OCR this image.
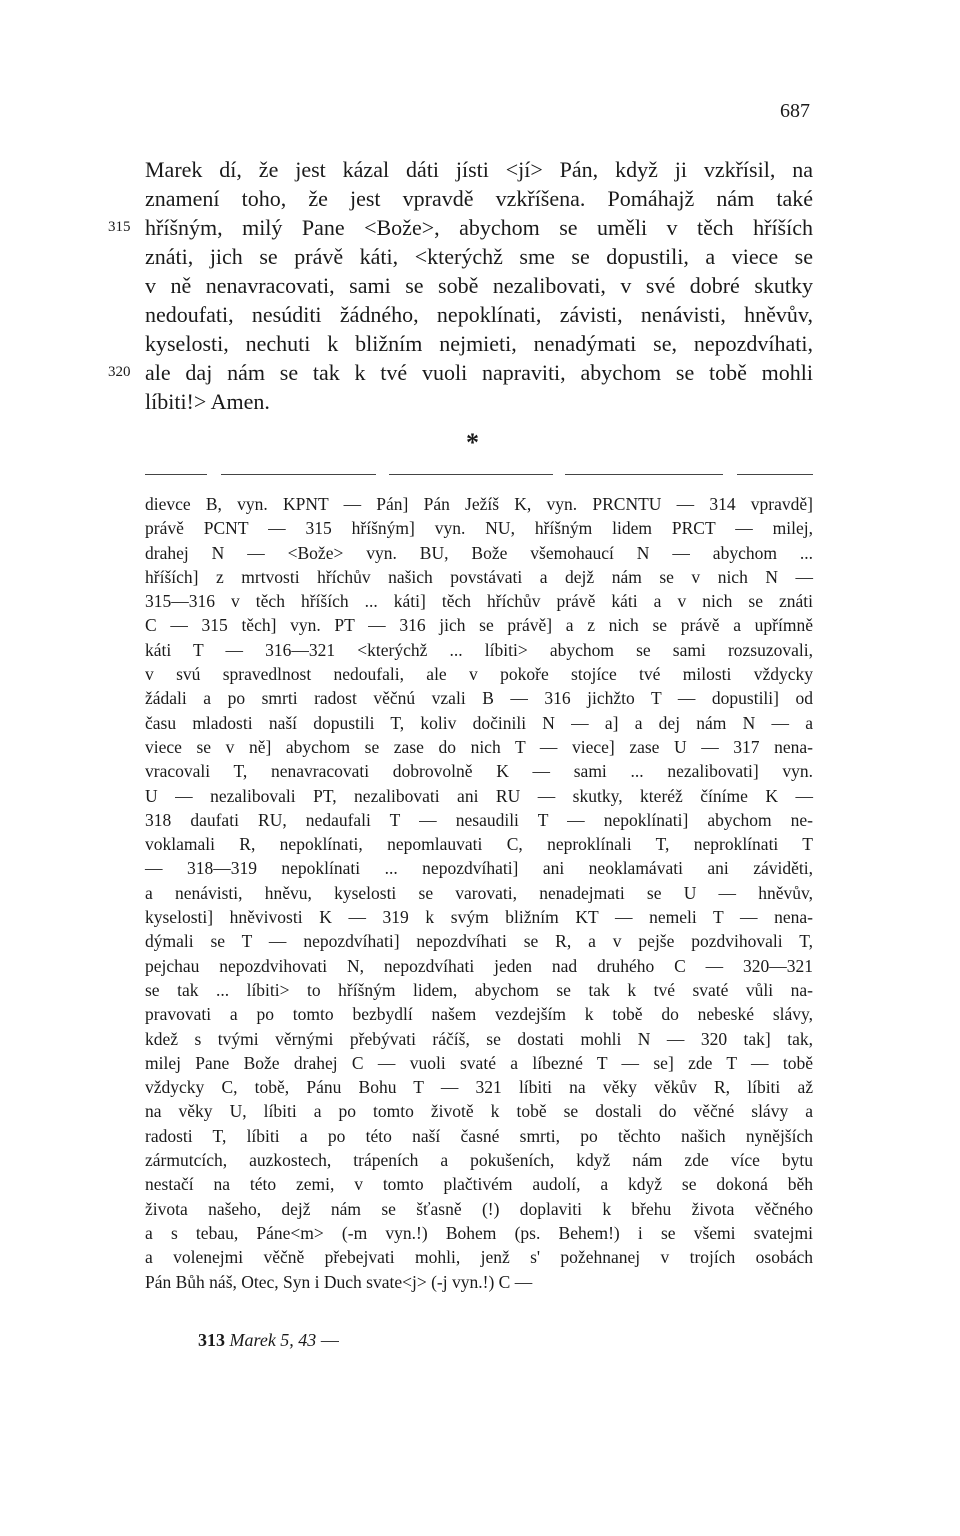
687
Marek dí, že jest kázal dáti jísti <jí> Pán, když ji vzkřísil, na
znamení toho, že jest vpravdě vzkříšena. Pomáhajž nám také
315 hříšným, milý Pane <Bože>, abychom se uměli v těch hříších
znáti, jich se právě káti, <kterýchž sme se dopustili, a viece se
v ně nenavracovati, sami se sobě nezalibovati, v své dobré skutky
nedoufati, nesúditi žádného, nepoklínati, závisti, nenávisti, hněvův,
kyselosti, nechuti k bližním nejmieti, nenadýmati se, nepozdvíhati,
320 ale daj nám se tak k tvé vuoli napraviti, abychom se tobě mohli
líbiti!> Amen.
*
dievce B, vyn. KPNT — Pán] Pán Ježíš K, vyn. PRCNTU — 314 vpravdě]
právě PCNT — 315 hříšným] vyn. NU, hříšným lidem PRCT — milej,
drahej N — <Bože> vyn. BU, Bože všemohaucí N — abychom ...
hříších] z mrtvosti hříchův našich povstávati a dejž nám se v nich N —
315—316 v těch hříších ... káti] těch hříchův právě káti a v nich se znáti
C — 315 těch] vyn. PT — 316 jich se právě] a z nich se právě a upřímně
káti T — 316—321 <kterýchž ... líbiti> abychom se sami rozsuzovali,
v svú spravedlnost nedoufali, ale v pokoře stojíce tvé milosti vždycky
žádali a po smrti radost věčnú vzali B — 316 jichžto T — dopustili] od
času mladosti naší dopustili T, koliv dočinili N — a] a dej nám N — a
viece se v ně] abychom se zase do nich T — viece] zase U — 317 nena-
vracovali T, nenavracovati dobrovolně K — sami ... nezalibovati] vyn.
U — nezalibovali PT, nezalibovati ani RU — skutky, kteréž číníme K —
318 daufati RU, nedaufali T — nesaudili T — nepoklínati] abychom ne-
voklamali R, nepoklínati, nepomlauvati C, neproklínali T, neproklínati T
— 318—319 nepoklínati ... nepozdvíhati] ani neoklamávati ani záviděti,
a nenávisti, hněvu, kyselosti se varovati, nenadejmati se U — hněvův,
kyselosti] hněvivosti K — 319 k svým bližním KT — nemeli T — nena-
dýmali se T — nepozdvíhati] nepozdvíhati se R, a v pejše pozdvihovali T,
pejchau nepozdvihovati N, nepozdvíhati jeden nad druhého C — 320—321
se tak ... líbiti> to hříšným lidem, abychom se tak k tvé svaté vůli na-
pravovati a po tomto bezbydlí našem vezdejším k tobě do nebeské slávy,
kdež s tvými věrnými přebývati ráčíš, se dostati mohli N — 320 tak] tak,
milej Pane Bože drahej C — vuoli svaté a líbezné T — se] zde T — tobě
vždycky C, tobě, Pánu Bohu T — 321 líbiti na věky věkův R, líbiti až
na věky U, líbiti a po tomto životě k tobě se dostali do věčné slávy a
radosti T, líbiti a po této naší časné smrti, po těchto našich nynějších
zármutcích, auzkostech, trápeních a pokušeních, když nám zde více bytu
nestačí na této zemi, v tomto plačtivém audolí, a když se dokoná běh
života našeho, dejž nám se šťasně (!) doplaviti k břehu života věčného
a s tebau, Páne<m> (-m vyn.!) Bohem (ps. Behem!) i se všemi svatejmi
a volenejmi věčně přebejvati mohli, jenž s' požehnanej v trojích osobách
Pán Bůh náš, Otec, Syn i Duch svate<j> (-j vyn.!) C —
313 Marek 5, 43 —
